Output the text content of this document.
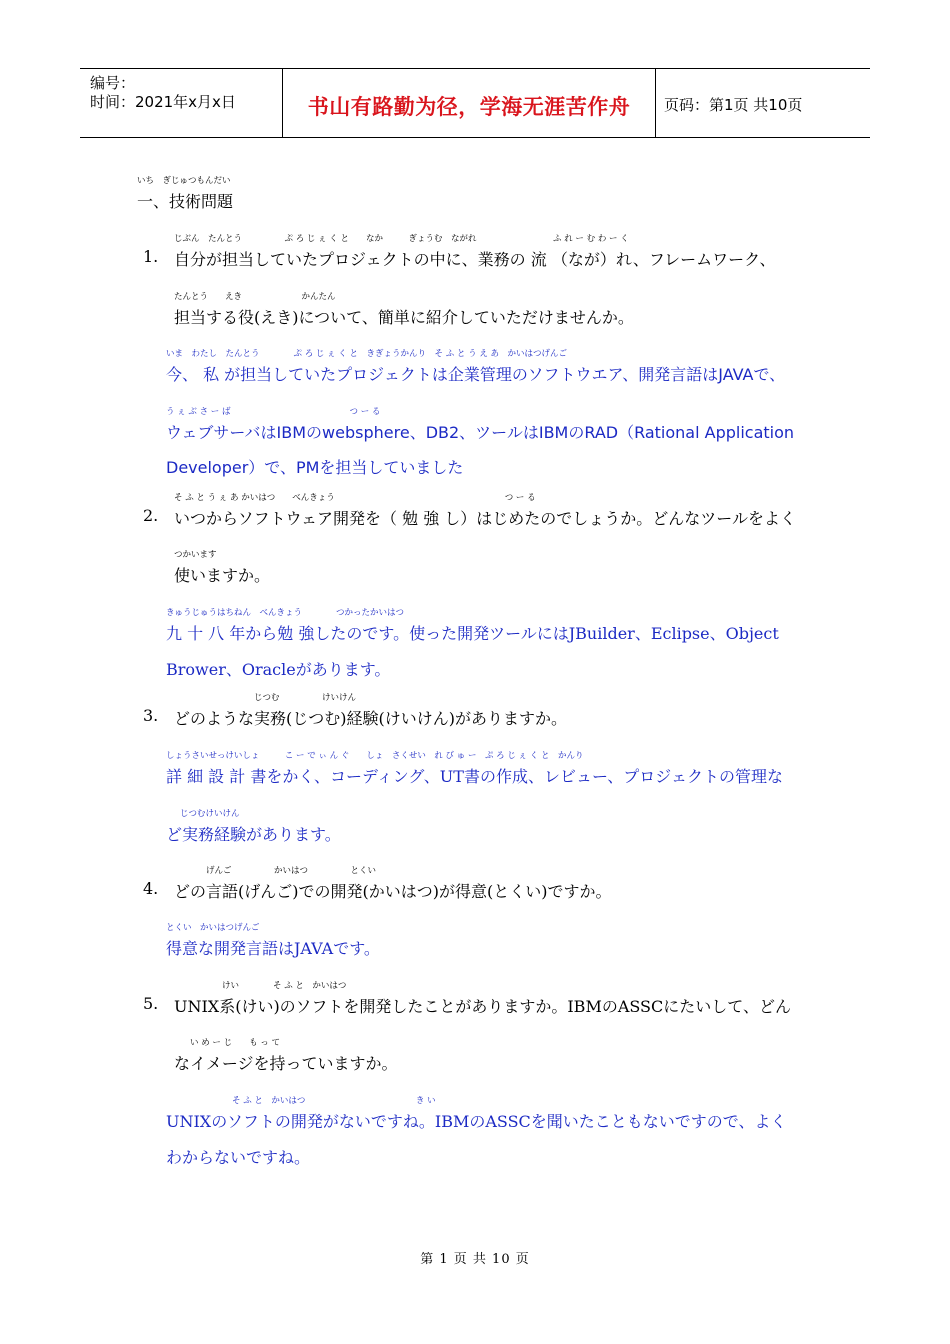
编号：
时间：2021年x月x日	书山有路勤为径，学海无涯苦作舟	页码：第1页 共10页
いち　ぎじゅつもんだい
一、技術問題
1.
じぶん　たんとう　　　　　ぷ ろ じ ぇ く と　　なか　　　ぎょうむ　ながれ　　　　　　　　　ふ れ ー む わ ー く
自分が担当していたプロジェクトの中に、業務の 流 （なが）れ、フレームワーク、
たんとう　　えき　　　　　　　かんたん
担当する役(えき)について、簡単に紹介していただけませんか。
いま　わたし　たんとう　　　　ぷ ろ じ ぇ く と　きぎょうかんり　そ ふ と う え あ　かいはつげんご
今、 私 が担当していたプロジェクトは企業管理のソフトウエア、開発言語はJAVAで、
う ぇ ぶ さ ー ば　　　　　　　　　　　　　　つ ー る
ウェブサーバはIBMのwebsphere、DB2、ツールはIBMのRAD（Rational Application
Developer）で、PMを担当していました
2.
そ ふ と う ぇ あ かいはつ　　べんきょう　　　　　　　　　　　　　　　　　　　　つ ー る
いつからソフトウェア開発を（ 勉 強 し）はじめたのでしょうか。どんなツールをよく
つかいます
使いますか。
きゅうじゅうはちねん　べんきょう　　　　つかったかいはつ
九 十 八 年から勉 強したのです。使った開発ツールにはJBuilder、Eclipse、Object
Brower、Oracleがあります。
3.
じつむ　　　　　けいけん
どのような実務(じつむ)経験(けいけん)がありますか。
しょうさいせっけいしょ　　　こ ー で ぃ ん ぐ　　しょ　さくせい　れ び ゅ ー　ぷ ろ じ ぇ く と　かんり
詳 細 設 計 書をかく、コーディング、UT書の作成、レビュー、プロジェクトの管理な
じつむけいけん
ど実務経験があります。
4.
げんご　　　　　かいはつ　　　　　とくい
どの言語(げんご)での開発(かいはつ)が得意(とくい)ですか。
とくい　かいはつげんご
得意な開発言語はJAVAです。
5.
けい　　　　そ ふ と　かいはつ
UNIX系(けい)のソフトを開発したことがありますか。IBMのASSCにたいして、どん
い め ー じ　　も っ て
なイメージを持っていますか。
そ ふ と　かいはつ　　　　　　　　　　　　　き い
UNIXのソフトの開発がないですね。IBMのASSCを聞いたこともないですので、よく
わからないですね。
第 1 页 共 10 页
